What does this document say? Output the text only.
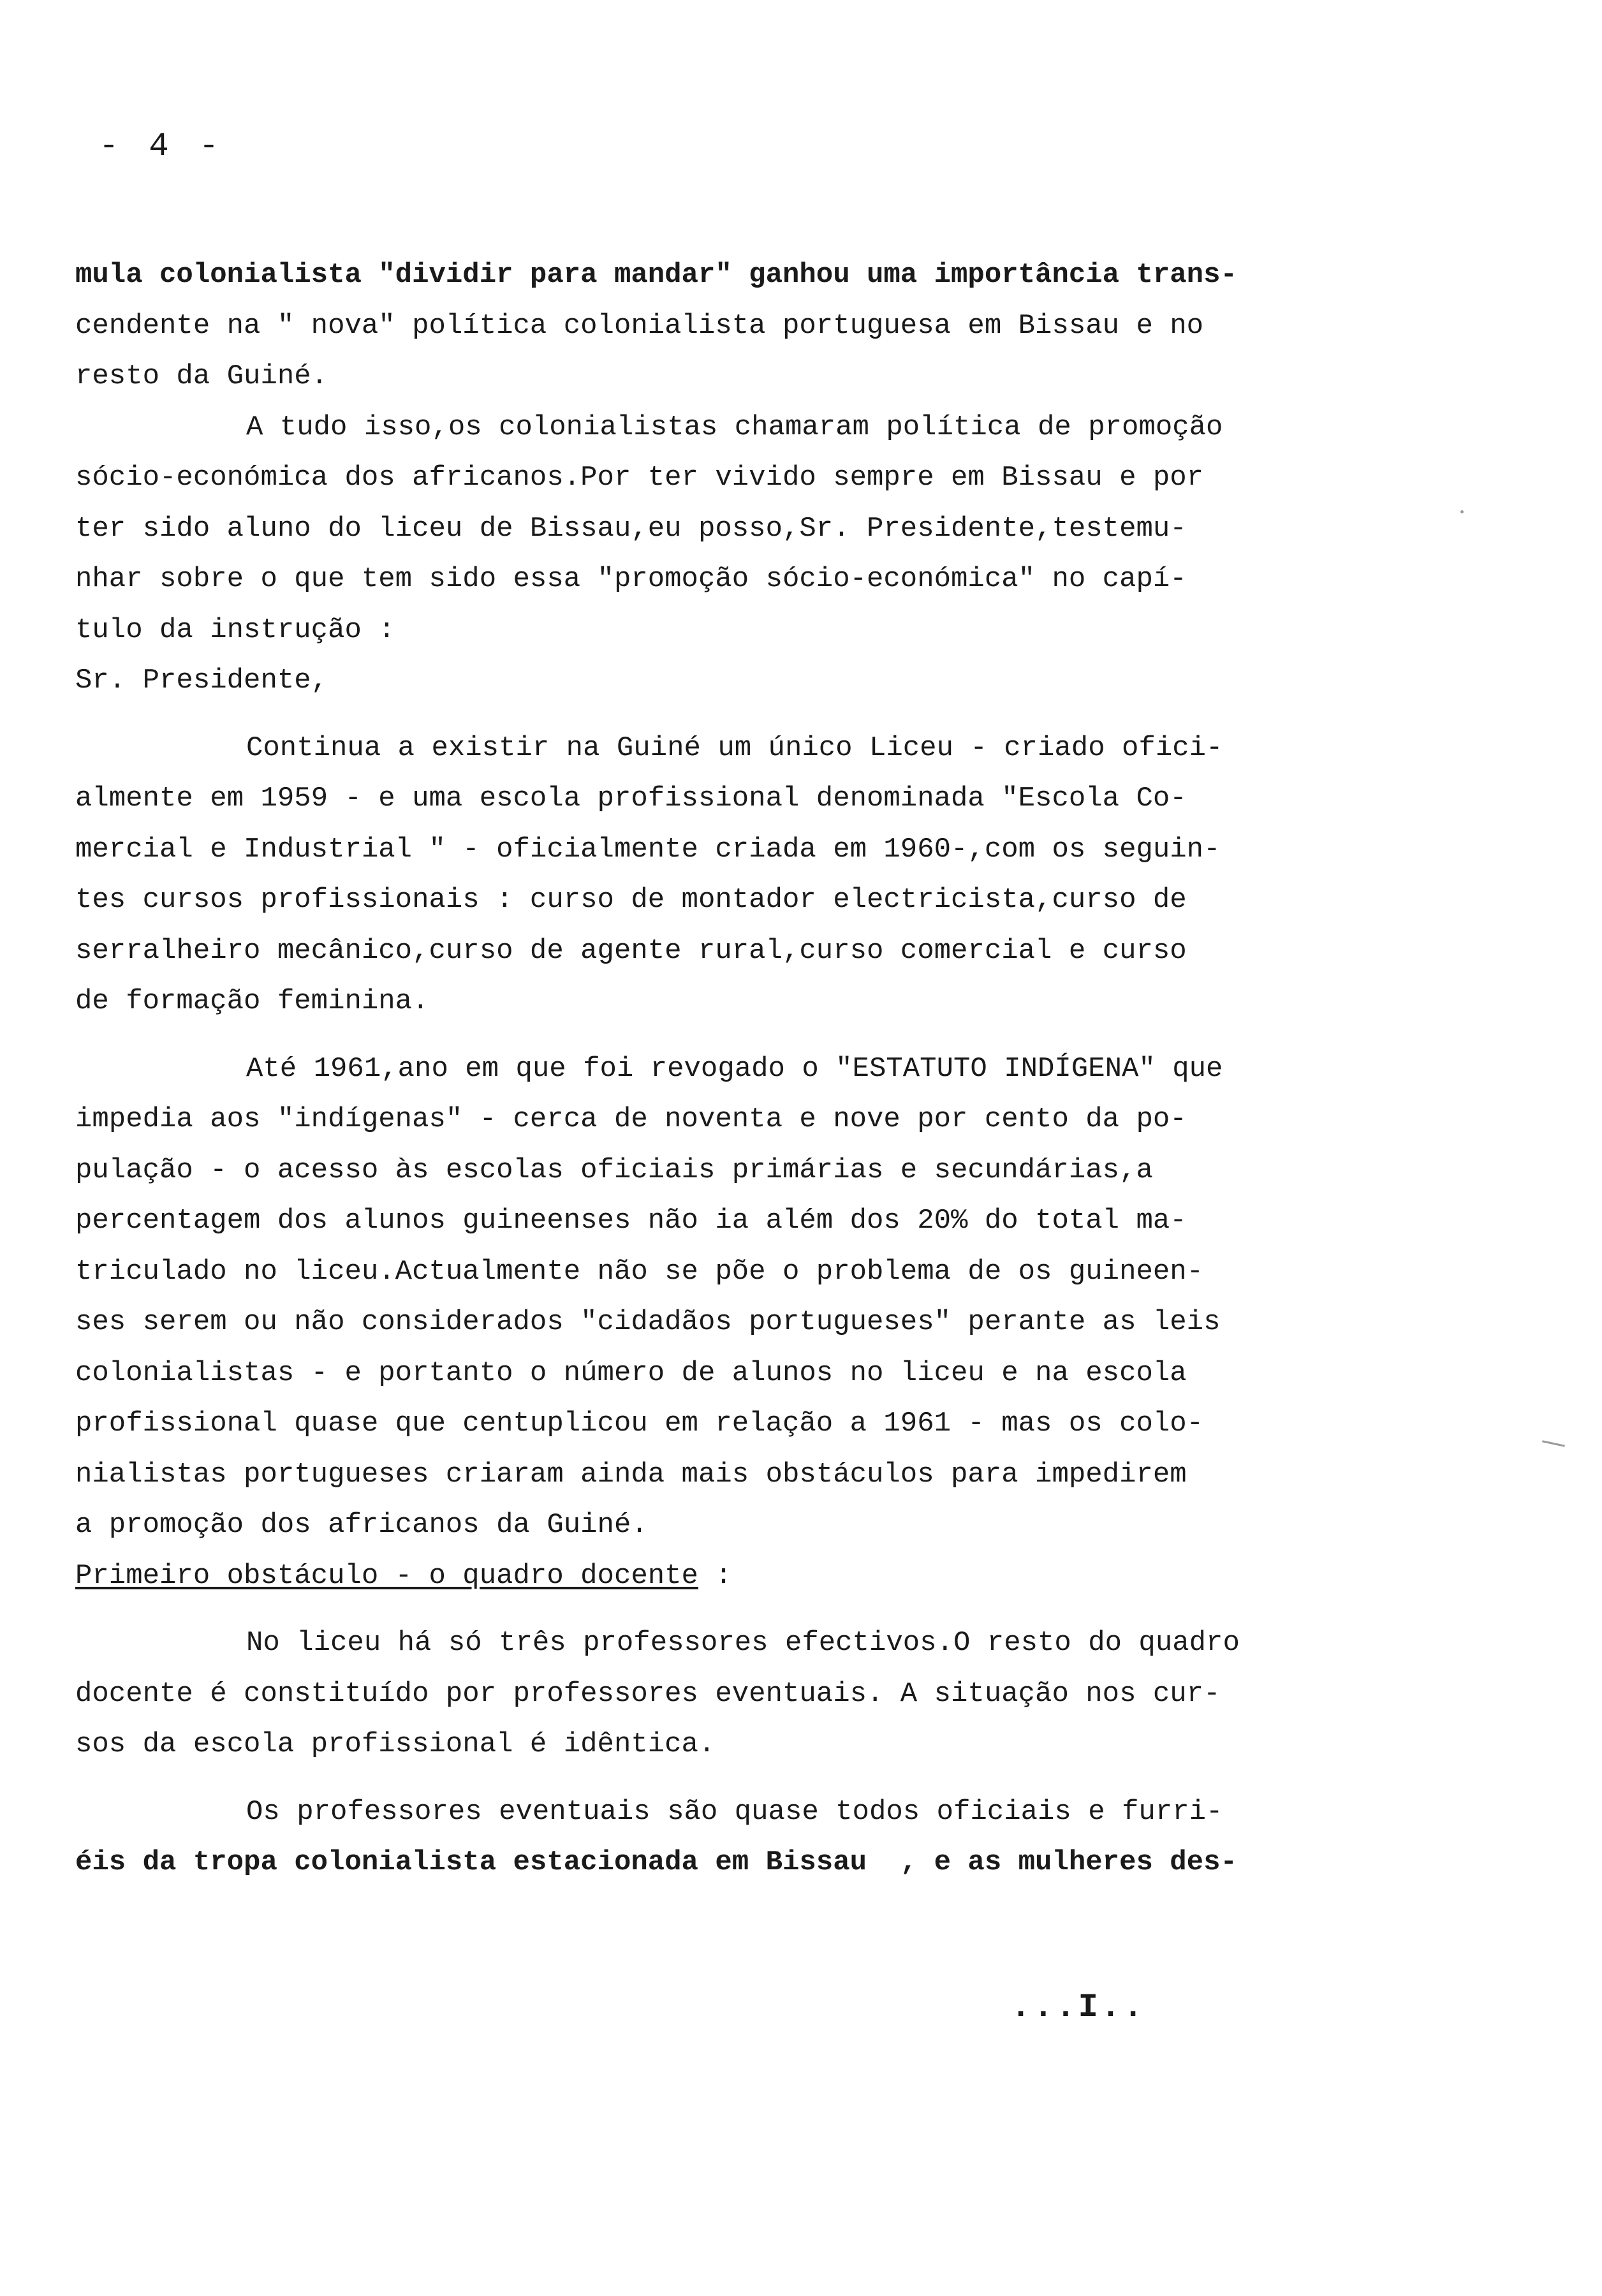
- 4 -

mula colonialista "dividir para mandar" ganhou uma importância trans-
cendente na " nova" política colonialista portuguesa em Bissau e no
resto da Guiné.
A tudo isso,os colonialistas chamaram política de promoção
sócio-económica dos africanos.Por ter vivido sempre em Bissau e por
ter sido aluno do liceu de Bissau,eu posso,Sr. Presidente,testemu-
nhar sobre o que tem sido essa "promoção sócio-económica" no capí-
tulo da instrução :
Sr. Presidente,
Continua a existir na Guiné um único Liceu - criado ofici-
almente em 1959 - e uma escola profissional denominada "Escola Co-
mercial e Industrial " - oficialmente criada em 1960-,com os seguin-
tes cursos profissionais : curso de montador electricista,curso de
serralheiro mecânico,curso de agente rural,curso comercial e curso
de formação feminina.
Até 1961,ano em que foi revogado o "ESTATUTO INDÍGENA" que
impedia aos "indígenas" - cerca de noventa e nove por cento da po-
pulação - o acesso às escolas oficiais primárias e secundárias,a
percentagem dos alunos guineenses não ia além dos 20% do total ma-
triculado no liceu.Actualmente não se põe o problema de os guineen-
ses serem ou não considerados "cidadãos portugueses" perante as leis
colonialistas - e portanto o número de alunos no liceu e na escola
profissional quase que centuplicou em relação a 1961 - mas os colo-
nialistas portugueses criaram ainda mais obstáculos para impedirem
a promoção dos africanos da Guiné.
Primeiro obstáculo - o quadro docente :
No liceu há só três professores efectivos.O resto do quadro
docente é constituído por professores eventuais. A situação nos cur-
sos da escola profissional é idêntica.
Os professores eventuais são quase todos oficiais e furri-
éis da tropa colonialista estacionada em Bissau  , e as mulheres des-

...I..
